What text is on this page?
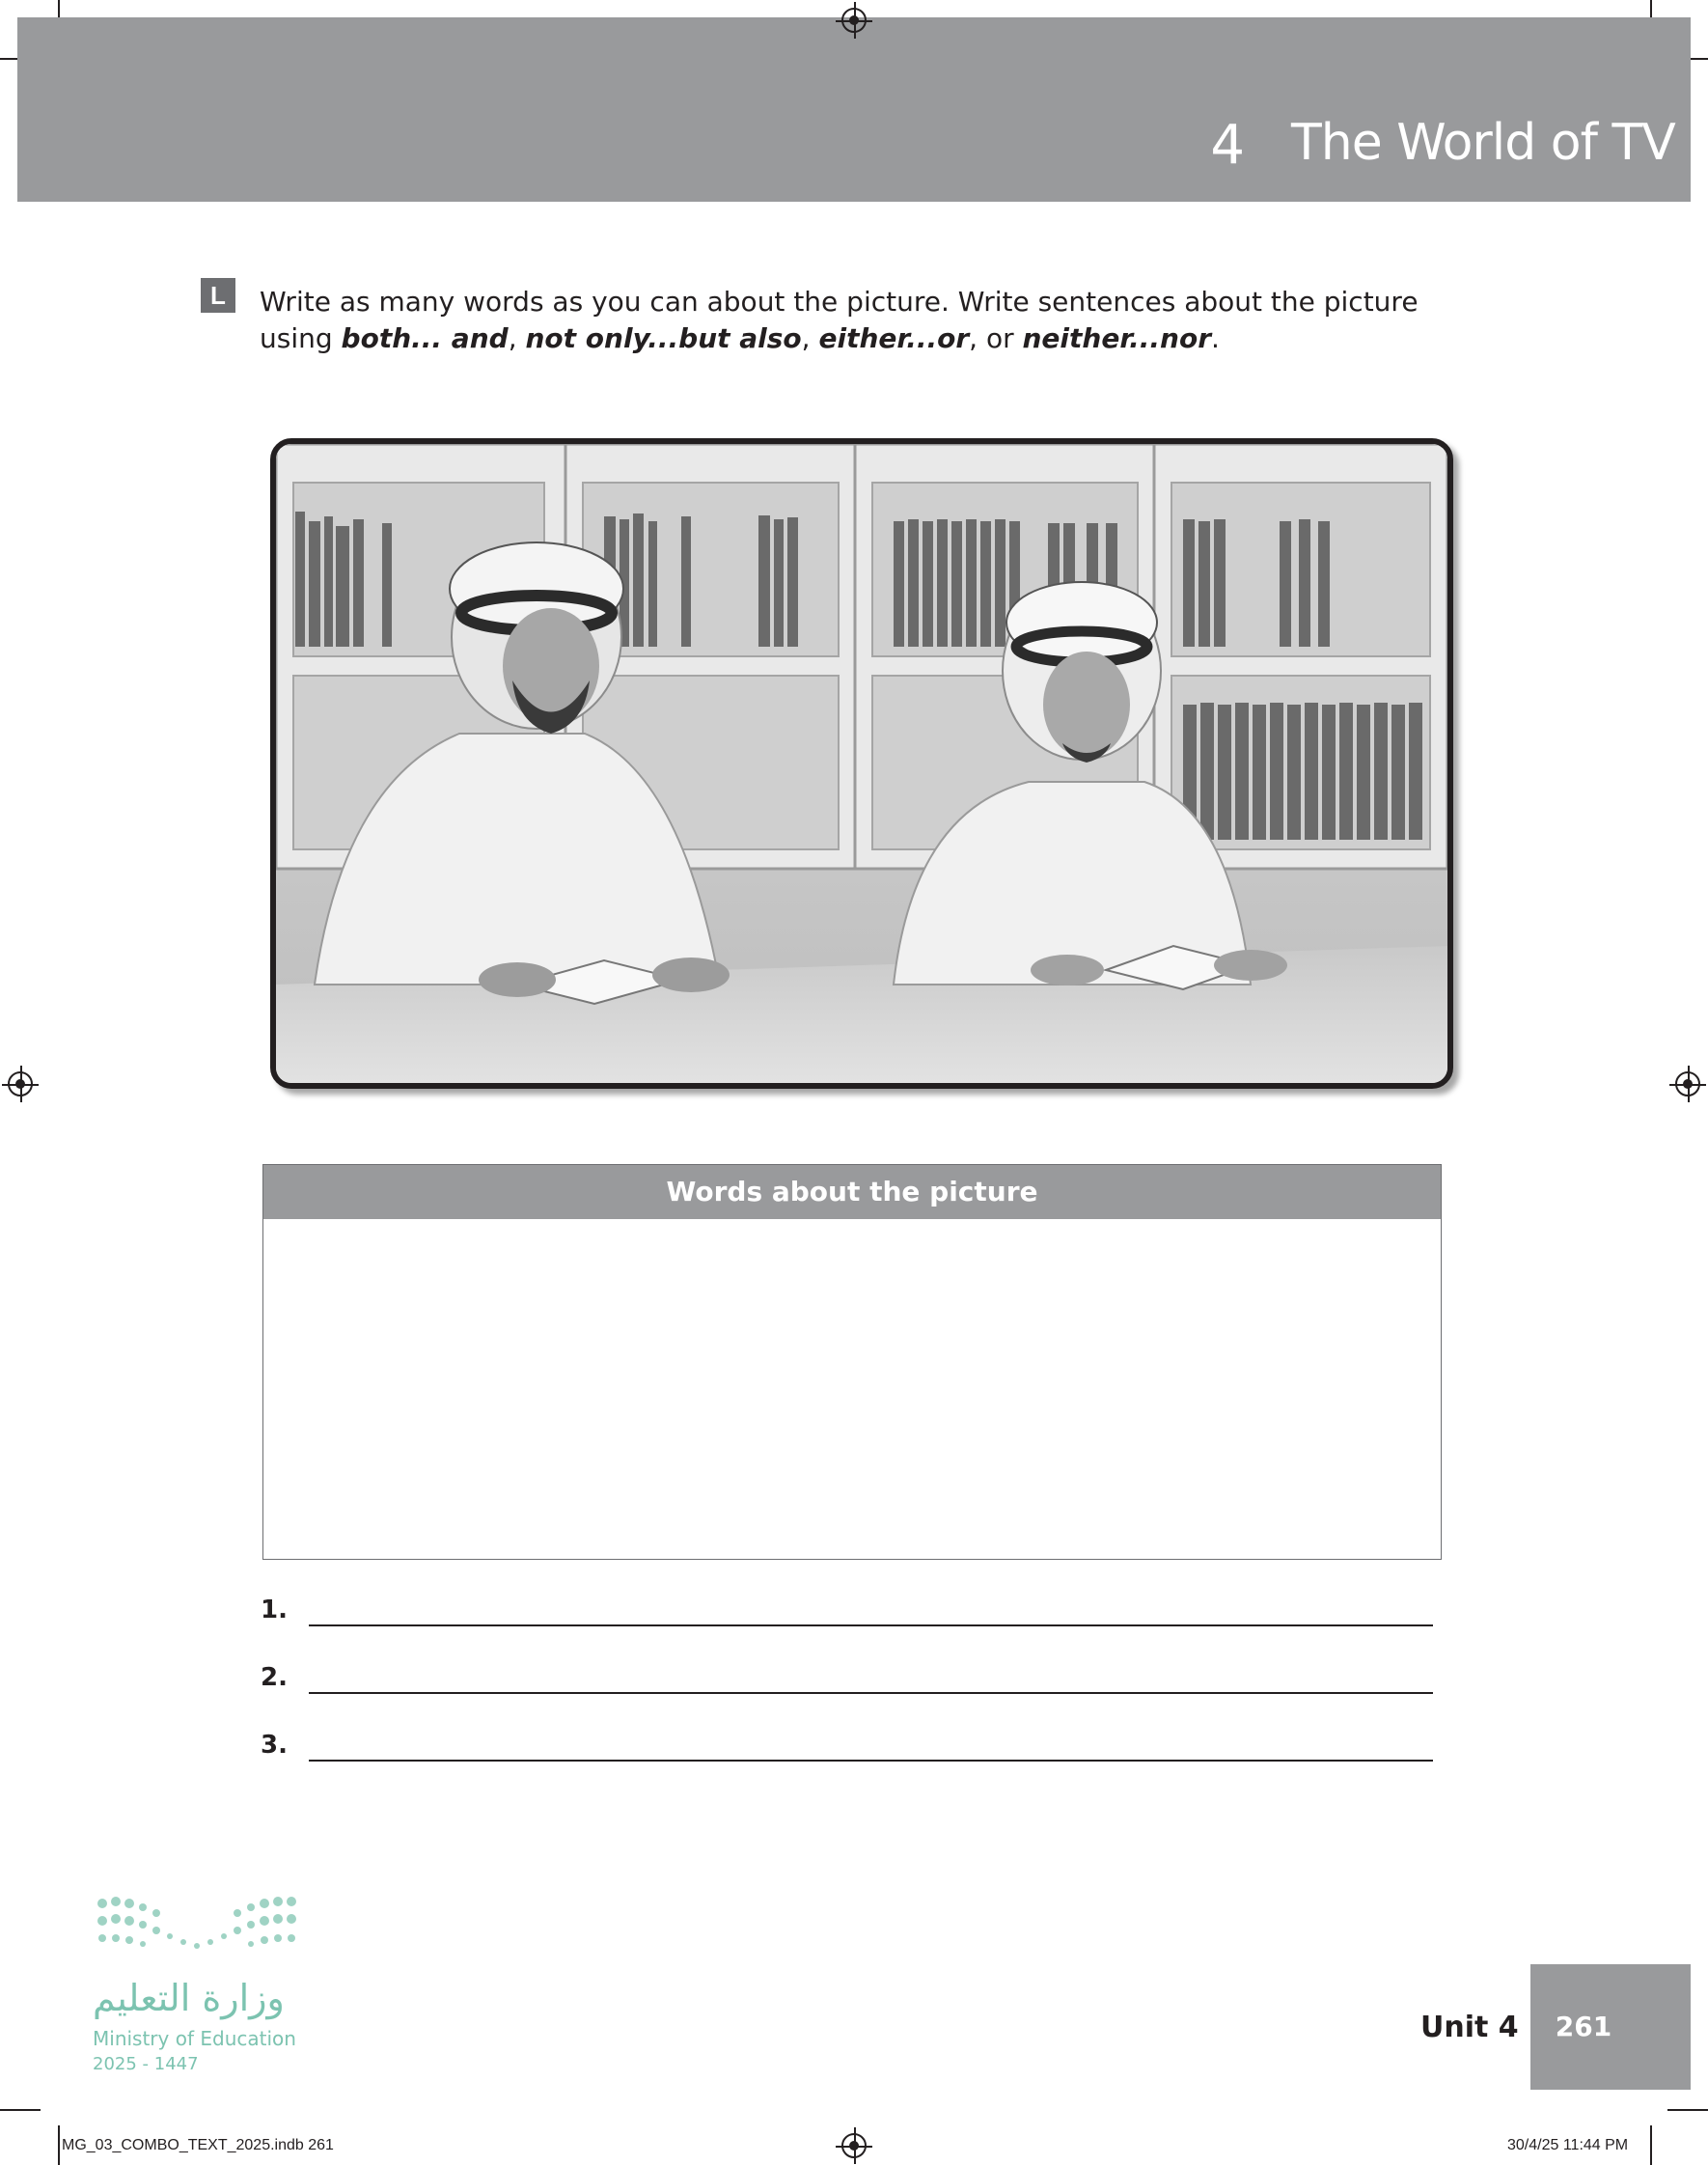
4 The World of TV
L	Write as many words as you can about the picture. Write sentences about the picture using both... and, not only...but also, either...or, or neither...nor.
Words about the picture
1.
2.
3.
وزارة التعليم
Ministry of Education
2025 - 1447
Unit 4	261
MG_03_COMBO_TEXT_2025.indb 261	30/4/25 11:44 PM
